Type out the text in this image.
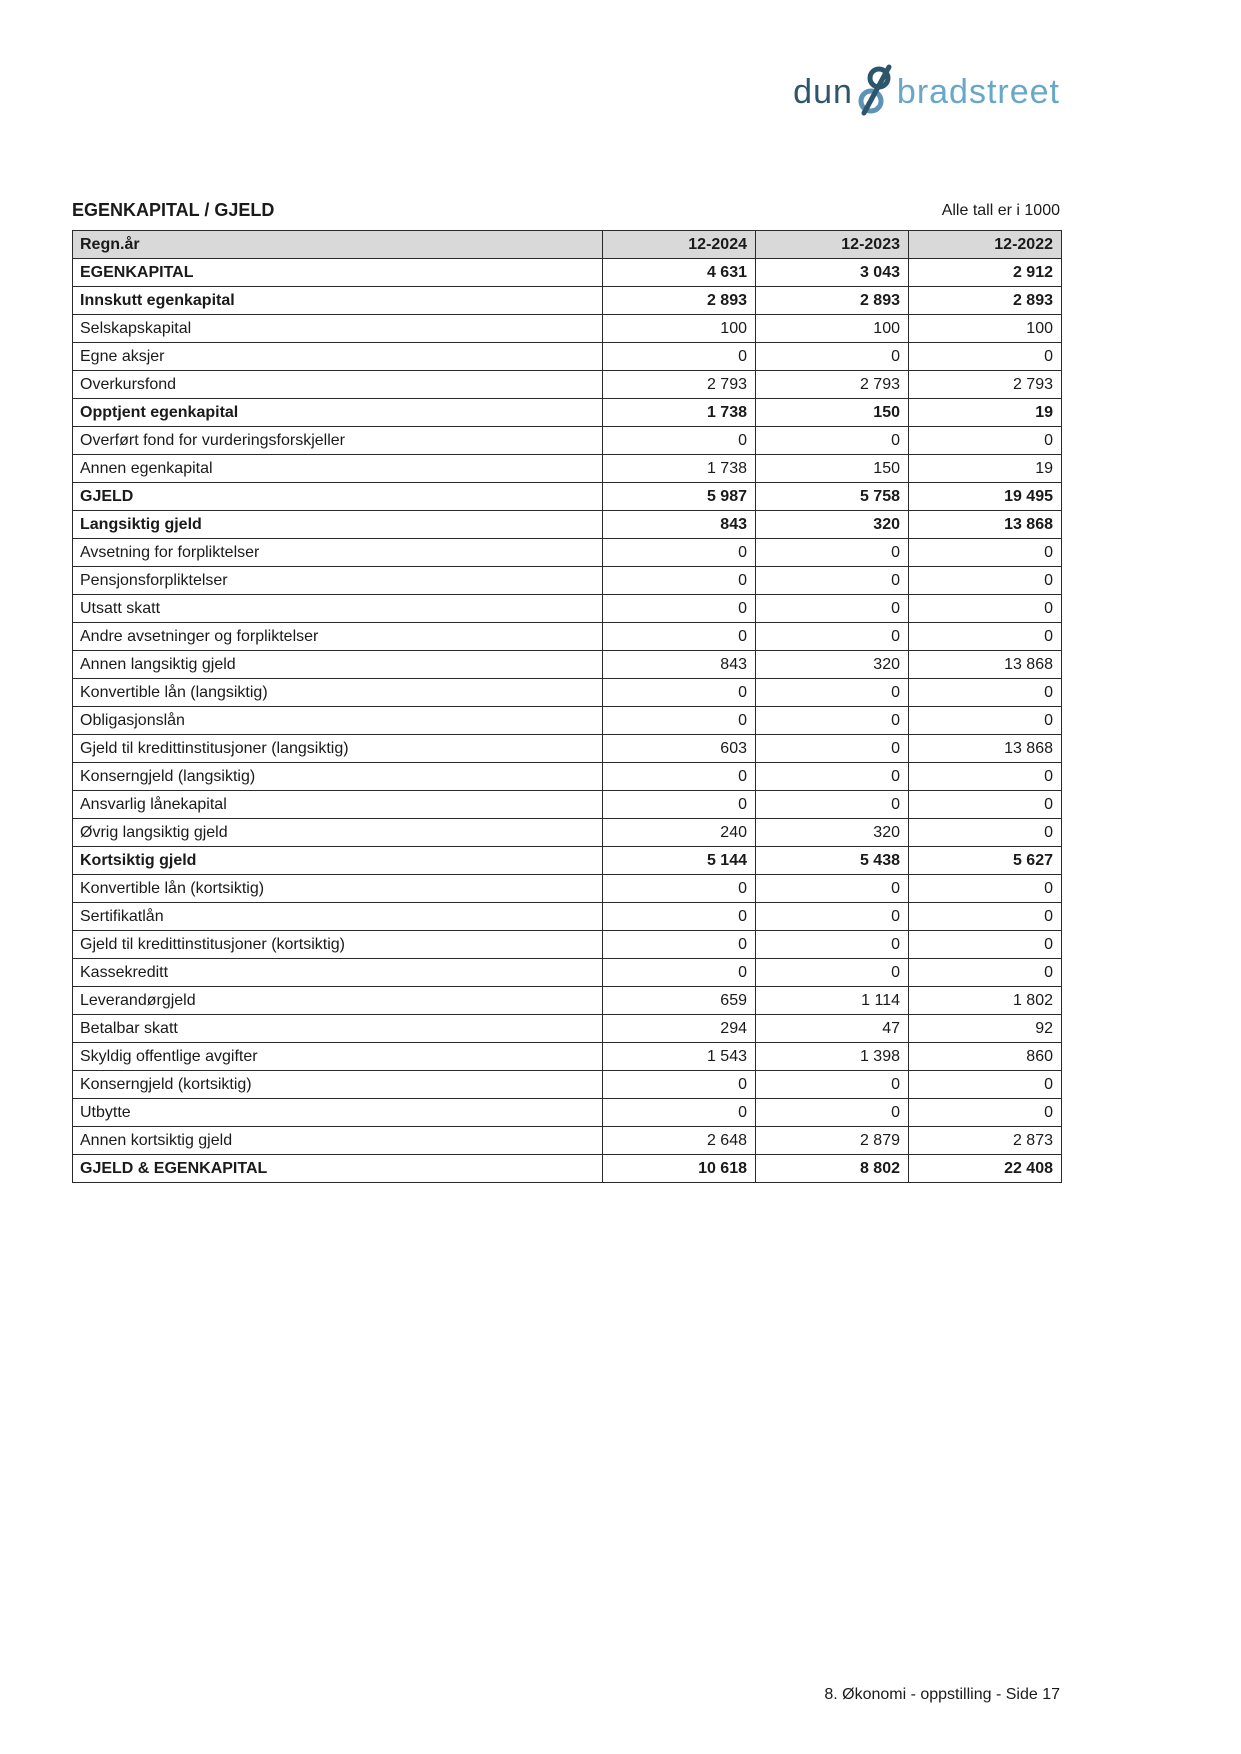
dun bradstreet
EGENKAPITAL / GJELD	Alle tall er i 1000
Regn.år	12-2024	12-2023	12-2022
EGENKAPITAL	4 631	3 043	2 912
Innskutt egenkapital	2 893	2 893	2 893
Selskapskapital	100	100	100
Egne aksjer	0	0	0
Overkursfond	2 793	2 793	2 793
Opptjent egenkapital	1 738	150	19
Overført fond for vurderingsforskjeller	0	0	0
Annen egenkapital	1 738	150	19
GJELD	5 987	5 758	19 495
Langsiktig gjeld	843	320	13 868
Avsetning for forpliktelser	0	0	0
Pensjonsforpliktelser	0	0	0
Utsatt skatt	0	0	0
Andre avsetninger og forpliktelser	0	0	0
Annen langsiktig gjeld	843	320	13 868
Konvertible lån (langsiktig)	0	0	0
Obligasjonslån	0	0	0
Gjeld til kredittinstitusjoner (langsiktig)	603	0	13 868
Konserngjeld (langsiktig)	0	0	0
Ansvarlig lånekapital	0	0	0
Øvrig langsiktig gjeld	240	320	0
Kortsiktig gjeld	5 144	5 438	5 627
Konvertible lån (kortsiktig)	0	0	0
Sertifikatlån	0	0	0
Gjeld til kredittinstitusjoner (kortsiktig)	0	0	0
Kassekreditt	0	0	0
Leverandørgjeld	659	1 114	1 802
Betalbar skatt	294	47	92
Skyldig offentlige avgifter	1 543	1 398	860
Konserngjeld (kortsiktig)	0	0	0
Utbytte	0	0	0
Annen kortsiktig gjeld	2 648	2 879	2 873
GJELD & EGENKAPITAL	10 618	8 802	22 408
8. Økonomi - oppstilling - Side 17
